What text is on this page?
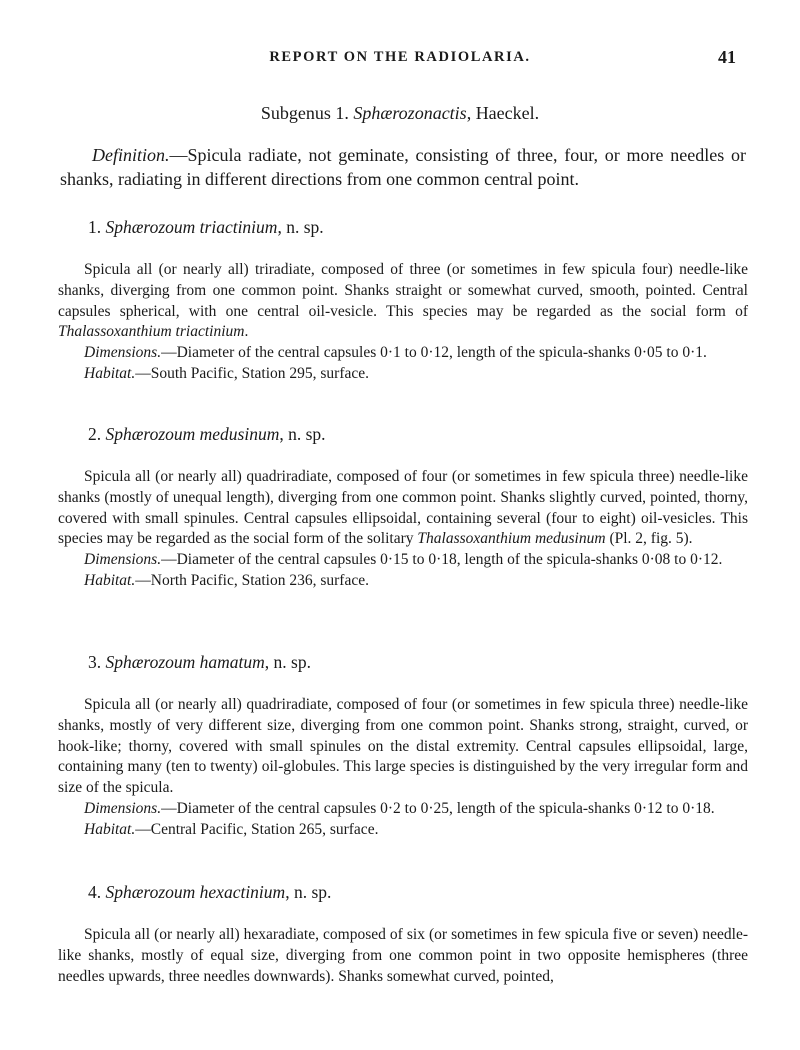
REPORT ON THE RADIOLARIA.	41
Subgenus 1. Sphærozonactis, Haeckel.

Definition.—Spicula radiate, not geminate, consisting of three, four, or more needles or shanks, radiating in different directions from one common central point.

1. Sphærozoum triactinium, n. sp.

Spicula all (or nearly all) triradiate, composed of three (or sometimes in few spicula four) needle-like shanks, diverging from one common point. Shanks straight or somewhat curved, smooth, pointed. Central capsules spherical, with one central oil-vesicle. This species may be regarded as the social form of Thalassoxanthium triactinium.

Dimensions.—Diameter of the central capsules 0·1 to 0·12, length of the spicula-shanks 0·05 to 0·1.

Habitat.—South Pacific, Station 295, surface.

2. Sphærozoum medusinum, n. sp.

Spicula all (or nearly all) quadriradiate, composed of four (or sometimes in few spicula three) needle-like shanks (mostly of unequal length), diverging from one common point. Shanks slightly curved, pointed, thorny, covered with small spinules. Central capsules ellipsoidal, containing several (four to eight) oil-vesicles. This species may be regarded as the social form of the solitary Thalassoxanthium medusinum (Pl. 2, fig. 5).

Dimensions.—Diameter of the central capsules 0·15 to 0·18, length of the spicula-shanks 0·08 to 0·12.

Habitat.—North Pacific, Station 236, surface.

3. Sphærozoum hamatum, n. sp.

Spicula all (or nearly all) quadriradiate, composed of four (or sometimes in few spicula three) needle-like shanks, mostly of very different size, diverging from one common point. Shanks strong, straight, curved, or hook-like; thorny, covered with small spinules on the distal extremity. Central capsules ellipsoidal, large, containing many (ten to twenty) oil-globules. This large species is distinguished by the very irregular form and size of the spicula.

Dimensions.—Diameter of the central capsules 0·2 to 0·25, length of the spicula-shanks 0·12 to 0·18.

Habitat.—Central Pacific, Station 265, surface.

4. Sphærozoum hexactinium, n. sp.

Spicula all (or nearly all) hexaradiate, composed of six (or sometimes in few spicula five or seven) needle-like shanks, mostly of equal size, diverging from one common point in two opposite hemispheres (three needles upwards, three needles downwards). Shanks somewhat curved, pointed,
